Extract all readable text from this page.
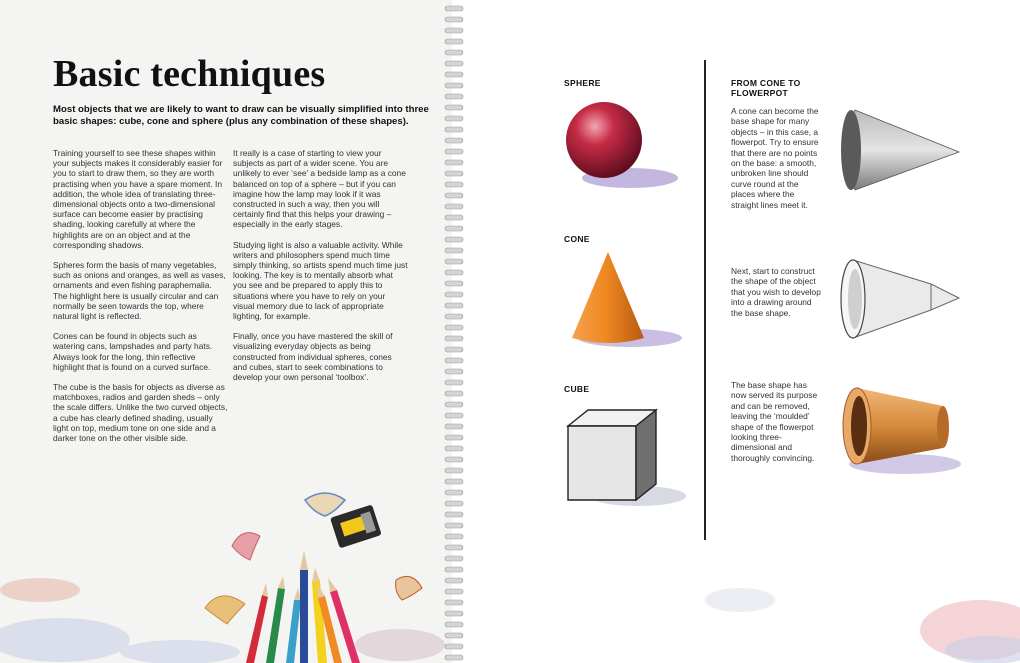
Basic techniques
Most objects that we are likely to want to draw can be visually simplified into three basic shapes: cube, cone and sphere (plus any combination of these shapes).

Training yourself to see these shapes within your subjects makes it considerably easier for you to start to draw them, so they are worth practising when you have a spare moment. In addition, the whole idea of translating three-dimensional objects onto a two-dimensional surface can become easier by practising shading, looking carefully at where the highlights are on an object and at the corresponding shadows.

Spheres form the basis of many vegetables, such as onions and oranges, as well as vases, ornaments and even fishing paraphernalia. The highlight here is usually circular and can normally be seen towards the top, where natural light is reflected.

Cones can be found in objects such as watering cans, lampshades and party hats. Always look for the long, thin reflective highlight that is found on a curved surface.

The cube is the basis for objects as diverse as matchboxes, radios and garden sheds – only the scale differs. Unlike the two curved objects, a cube has clearly defined shading, usually light on top, medium tone on one side and a darker tone on the other visible side.

It really is a case of starting to view your subjects as part of a wider scene. You are unlikely to ever ‘see’ a bedside lamp as a cone balanced on top of a sphere – but if you can imagine how the lamp may look if it was constructed in such a way, then you will certainly find that this helps your drawing – especially in the early stages.

Studying light is also a valuable activity. While writers and philosophers spend much time simply thinking, so artists spend much time just looking. The key is to mentally absorb what you see and be prepared to apply this to situations where you have to rely on your visual memory due to lack of appropriate lighting, for example.

Finally, once you have mastered the skill of visualizing everyday objects as being constructed from individual spheres, cones and cubes, start to seek combinations to develop your own personal ‘toolbox’.

SPHERE
CONE
CUBE
FROM CONE TO FLOWERPOT
A cone can become the base shape for many objects – in this case, a flowerpot. Try to ensure that there are no points on the base: a smooth, unbroken line should curve round at the places where the straight lines meet it.
Next, start to construct the shape of the object that you wish to develop into a drawing around the base shape.
The base shape has now served its purpose and can be removed, leaving the ‘moulded’ shape of the flowerpot looking three-dimensional and thoroughly convincing.
